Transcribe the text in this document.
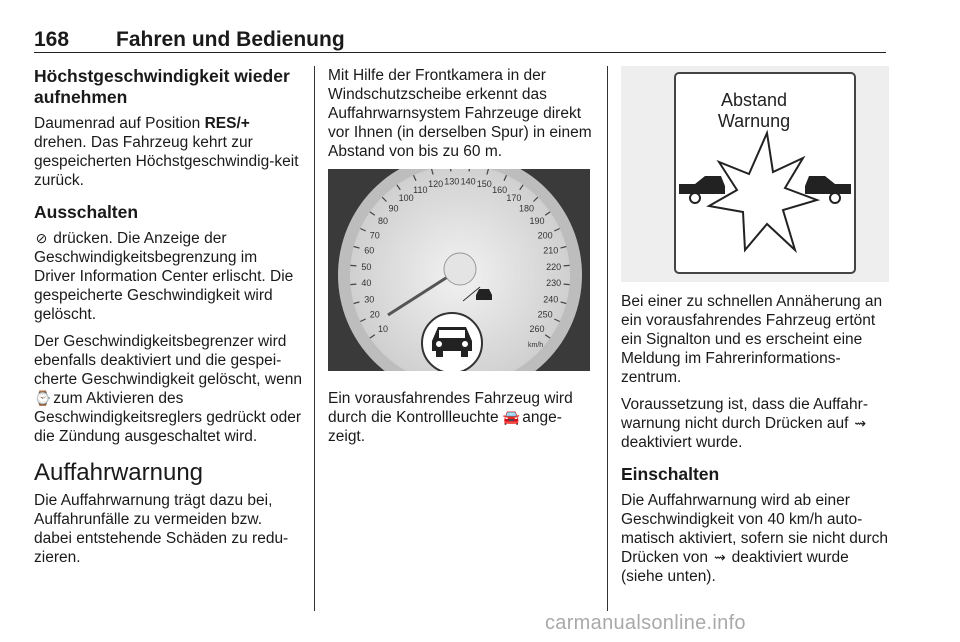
168 Fahren und Bedienung
Höchstgeschwindigkeit wieder aufnehmen

Daumenrad auf Position RES/+ drehen. Das Fahrzeug kehrt zur gespeicherten Höchstgeschwindig-keit zurück.

Ausschalten

⊘ drücken. Die Anzeige der Geschwindigkeitsbegrenzung im Driver Information Center erlischt. Die gespeicherte Geschwindigkeit wird gelöscht.

Der Geschwindigkeitsbegrenzer wird ebenfalls deaktiviert und die gespei-cherte Geschwindigkeit gelöscht, wenn ⌚ zum Aktivieren des Geschwindigkeitsreglers gedrückt oder die Zündung ausgeschaltet wird.

Auffahrwarnung

Die Auffahrwarnung trägt dazu bei, Auffahrunfälle zu vermeiden bzw. dabei entstehende Schäden zu redu-zieren.

Mit Hilfe der Frontkamera in der Windschutzscheibe erkennt das Auffahrwarnsystem Fahrzeuge direkt vor Ihnen (in derselben Spur) in einem Abstand von bis zu 60 m.

10
20
30
40
50
60
70
80
90
100
110
120 130 140 150
160
170
180
190
200
210
220
230
240
250
260
km/h

Ein vorausfahrendes Fahrzeug wird durch die Kontrollleuchte 🚘 ange-zeigt.

Abstand
Warnung

Bei einer zu schnellen Annäherung an ein vorausfahrendes Fahrzeug ertönt ein Signalton und es erscheint eine Meldung im Fahrerinformations-zentrum.

Voraussetzung ist, dass die Auffahr-warnung nicht durch Drücken auf ⇝ deaktiviert wurde.

Einschalten

Die Auffahrwarnung wird ab einer Geschwindigkeit von 40 km/h auto-matisch aktiviert, sofern sie nicht durch Drücken von ⇝ deaktiviert wurde (siehe unten).

carmanualsonline.info
